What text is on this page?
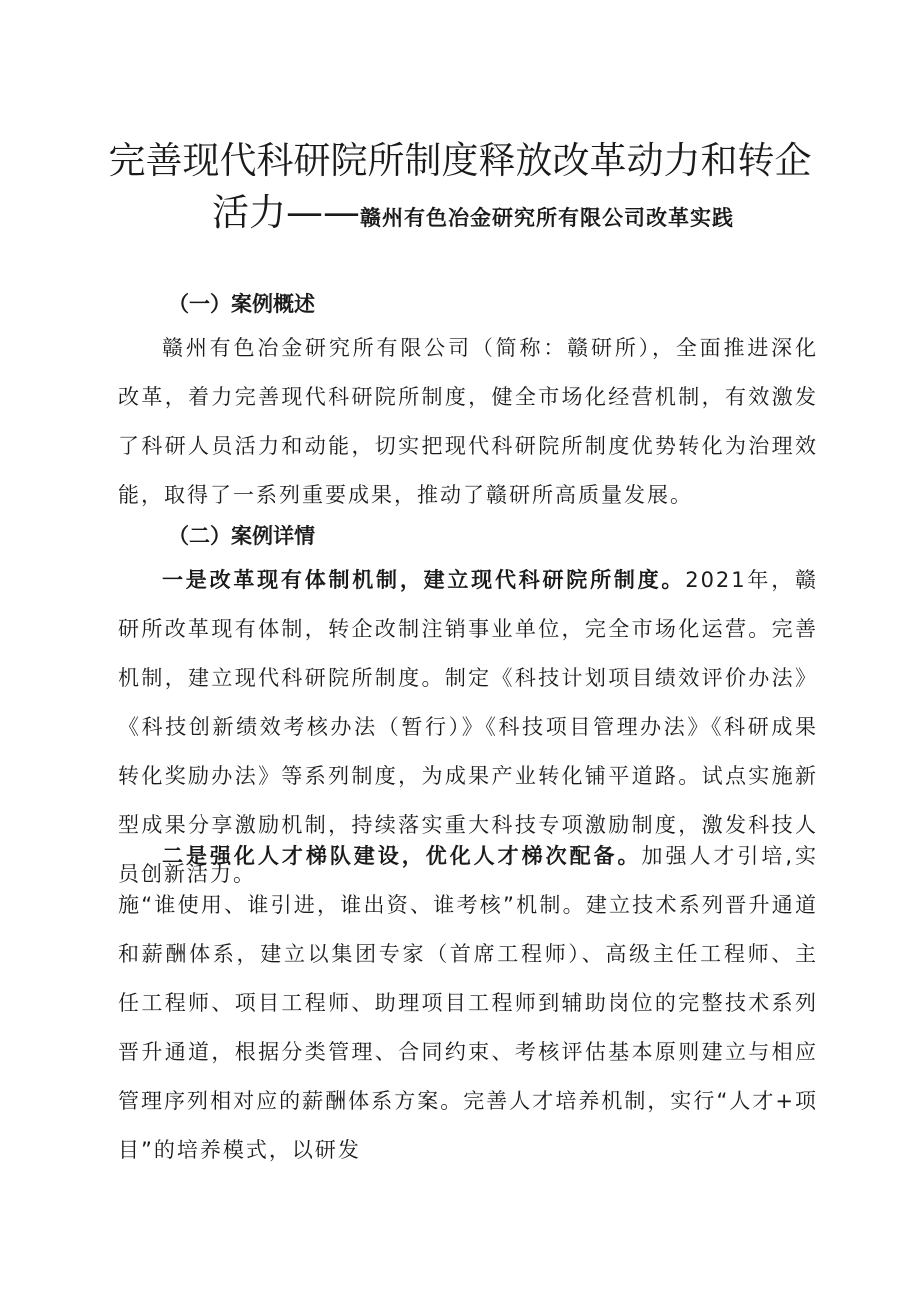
完善现代科研院所制度释放改革动力和转企
活力——赣州有色冶金研究所有限公司改革实践
（一）案例概述
赣州有色冶金研究所有限公司（简称：赣研所），全面推进深化改革，着力完善现代科研院所制度，健全市场化经营机制，有效激发了科研人员活力和动能，切实把现代科研院所制度优势转化为治理效能，取得了一系列重要成果，推动了赣研所高质量发展。
（二）案例详情
一是改革现有体制机制，建立现代科研院所制度。2021年，赣研所改革现有体制，转企改制注销事业单位，完全市场化运营。完善机制，建立现代科研院所制度。制定《科技计划项目绩效评价办法》《科技创新绩效考核办法（暂行）》《科技项目管理办法》《科研成果转化奖励办法》等系列制度，为成果产业转化铺平道路。试点实施新型成果分享激励机制，持续落实重大科技专项激励制度，激发科技人员创新活力。
二是强化人才梯队建设，优化人才梯次配备。加强人才引培,实施“谁使用、谁引进，谁出资、谁考核”机制。建立技术系列晋升通道和薪酬体系，建立以集团专家（首席工程师）、高级主任工程师、主任工程师、项目工程师、助理项目工程师到辅助岗位的完整技术系列晋升通道，根据分类管理、合同约束、考核评估基本原则建立与相应管理序列相对应的薪酬体系方案。完善人才培养机制，实行“人才+项目”的培养模式，以研发
